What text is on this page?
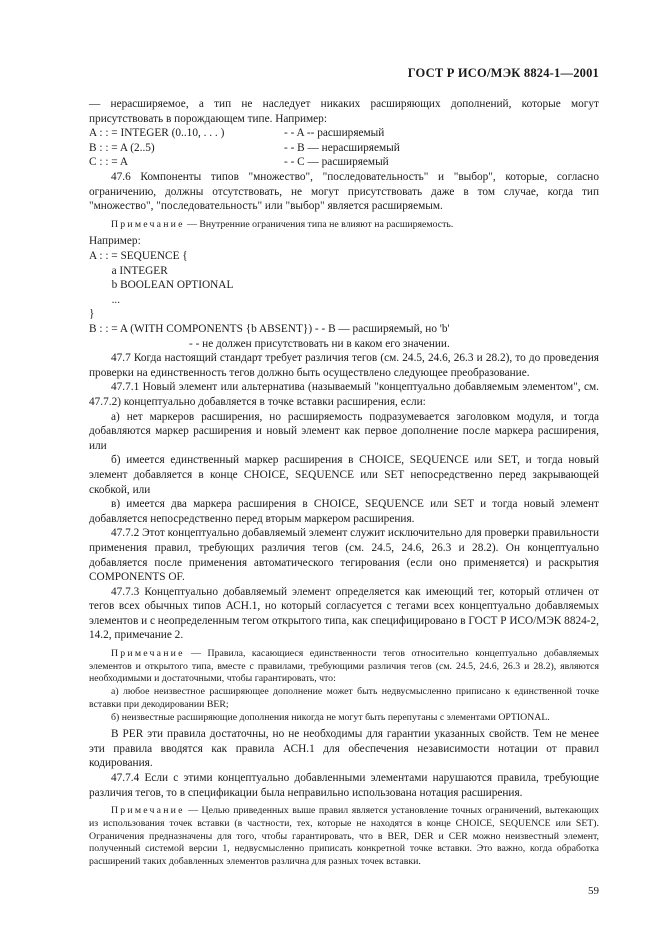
ГОСТ Р ИСО/МЭК 8824-1—2001

— нерасширяемое, а тип не наследует никаких расширяющих дополнений, которые могут присутствовать в порождающем типе. Например:

A : : = INTEGER (0..10, . . . )	- - A -- расширяемый
B : : = A (2..5)	- - B — нерасширяемый
C : : = A	- - C — расширяемый

47.6 Компоненты типов "множество", "последовательность" и "выбор", которые, согласно ограничению, должны отсутствовать, не могут присутствовать даже в том случае, когда тип "множество", "последовательность" или "выбор" является расширяемым.

Примечание — Внутренние ограничения типа не влияют на расширяемость.

Например:
A : : = SEQUENCE {
a INTEGER
b BOOLEAN OPTIONAL
...
}
B : : = A (WITH COMPONENTS {b ABSENT}) - - B — расширяемый, но 'b'
- - не должен присутствовать ни в каком его значении.

47.7 Когда настоящий стандарт требует различия тегов (см. 24.5, 24.6, 26.3 и 28.2), то до проведения проверки на единственность тегов должно быть осуществлено следующее преобразование.

47.7.1 Новый элемент или альтернатива (называемый "концептуально добавляемым элементом", см. 47.7.2) концептуально добавляется в точке вставки расширения, если:

а) нет маркеров расширения, но расширяемость подразумевается заголовком модуля, и тогда добавляются маркер расширения и новый элемент как первое дополнение после маркера расширения, или

б) имеется единственный маркер расширения в CHOICE, SEQUENCE или SET, и тогда новый элемент добавляется в конце CHOICE, SEQUENCE или SET непосредственно перед закрывающей скобкой, или

в) имеется два маркера расширения в CHOICE, SEQUENCE или SET и тогда новый элемент добавляется непосредственно перед вторым маркером расширения.

47.7.2 Этот концептуально добавляемый элемент служит исключительно для проверки правильности применения правил, требующих различия тегов (см. 24.5, 24.6, 26.3 и 28.2). Он концептуально добавляется после применения автоматического тегирования (если оно применяется) и раскрытия COMPONENTS OF.

47.7.3 Концептуально добавляемый элемент определяется как имеющий тег, который отличен от тегов всех обычных типов АСН.1, но который согласуется с тегами всех концептуально добавляемых элементов и с неопределенным тегом открытого типа, как специфицировано в ГОСТ Р ИСО/МЭК 8824-2, 14.2, примечание 2.

Примечание — Правила, касающиеся единственности тегов относительно концептуально добавляемых элементов и открытого типа, вместе с правилами, требующими различия тегов (см. 24.5, 24.6, 26.3 и 28.2), являются необходимыми и достаточными, чтобы гарантировать, что:

а) любое неизвестное расширяющее дополнение может быть недвусмысленно приписано к единственной точке вставки при декодировании BER;

б) неизвестные расширяющие дополнения никогда не могут быть перепутаны с элементами OPTIONAL.

В PER эти правила достаточны, но не необходимы для гарантии указанных свойств. Тем не менее эти правила вводятся как правила АСН.1 для обеспечения независимости нотации от правил кодирования.

47.7.4 Если с этими концептуально добавленными элементами нарушаются правила, требующие различия тегов, то в спецификации была неправильно использована нотация расширения.

Примечание — Целью приведенных выше правил является установление точных ограничений, вытекающих из использования точек вставки (в частности, тех, которые не находятся в конце CHOICE, SEQUENCE или SET). Ограничения предназначены для того, чтобы гарантировать, что в BER, DER и CER можно неизвестный элемент, полученный системой версии 1, недвусмысленно приписать конкретной точке вставки. Это важно, когда обработка расширений таких добавленных элементов различна для разных точек вставки.

59
